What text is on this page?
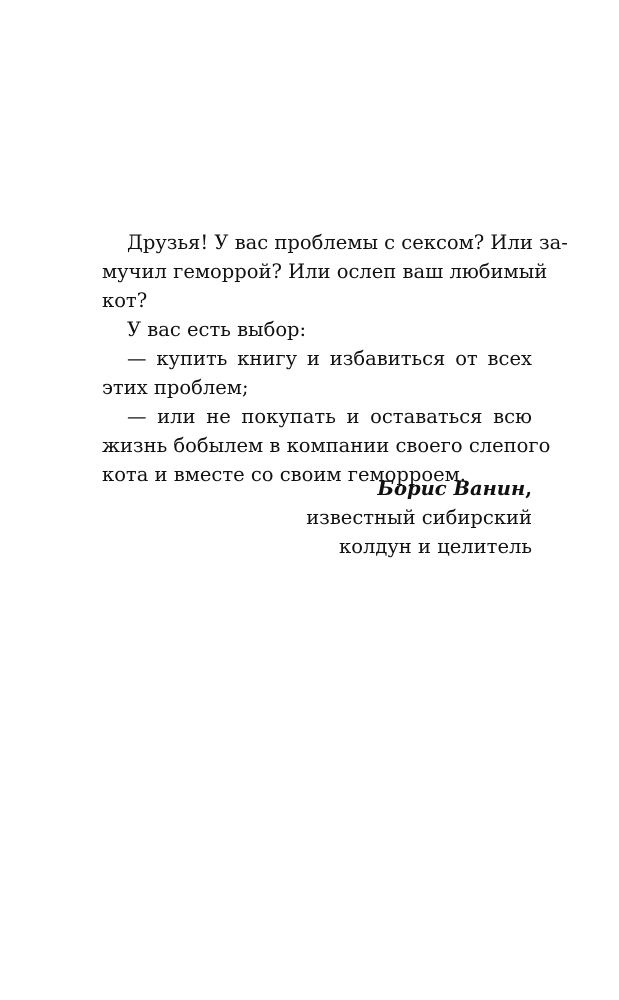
Друзья! У вас проблемы с сексом? Или за-
мучил геморрой? Или ослеп ваш любимый
кот?
У вас есть выбор:
— купить книгу и избавиться от всех
этих проблем;
— или не покупать и оставаться всю
жизнь бобылем в компании своего слепого
кота и вместе со своим геморроем.
Борис Ванин,
известный сибирский
колдун и целитель
